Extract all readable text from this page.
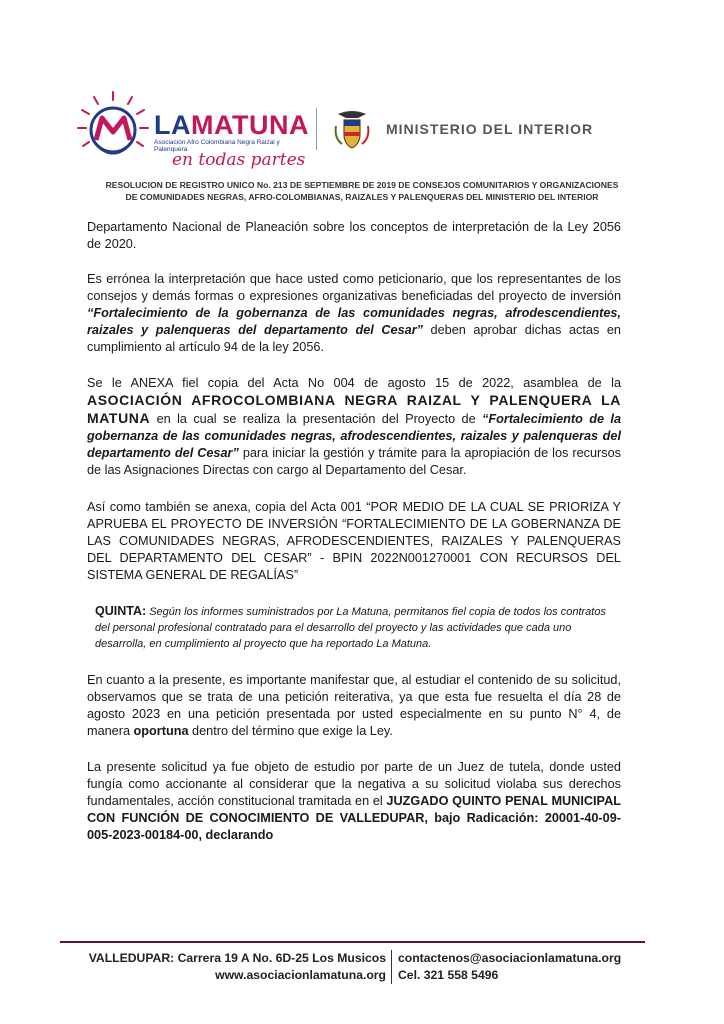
LAMATUNA
Asociación Afro Colombiana Negra Raizal y Palenquera
en todas partes
MINISTERIO DEL INTERIOR
RESOLUCION DE REGISTRO UNICO No. 213 DE SEPTIEMBRE DE 2019 DE CONSEJOS COMUNITARIOS Y ORGANIZACIONES
DE COMUNIDADES NEGRAS, AFRO-COLOMBIANAS, RAIZALES Y PALENQUERAS DEL MINISTERIO DEL INTERIOR

Departamento Nacional de Planeación sobre los conceptos de interpretación de la Ley 2056 de 2020.

Es errónea la interpretación que hace usted como peticionario, que los representantes de los consejos y demás formas o expresiones organizativas beneficiadas del proyecto de inversión “Fortalecimiento de la gobernanza de las comunidades negras, afrodescendientes, raizales y palenqueras del departamento del Cesar” deben aprobar dichas actas en cumplimiento al artículo 94 de la ley 2056.

Se le ANEXA fiel copia del Acta No 004 de agosto 15 de 2022, asamblea de la ASOCIACIÓN AFROCOLOMBIANA NEGRA RAIZAL Y PALENQUERA LA MATUNA en la cual se realiza la presentación del Proyecto de “Fortalecimiento de la gobernanza de las comunidades negras, afrodescendientes, raizales y palenqueras del departamento del Cesar” para iniciar la gestión y trámite para la apropiación de los recursos de las Asignaciones Directas con cargo al Departamento del Cesar.

Así como también se anexa, copia del Acta 001 “POR MEDIO DE LA CUAL SE PRIORIZA Y APRUEBA EL PROYECTO DE INVERSIÓN “FORTALECIMIENTO DE LA GOBERNANZA DE LAS COMUNIDADES NEGRAS, AFRODESCENDIENTES, RAIZALES Y PALENQUERAS DEL DEPARTAMENTO DEL CESAR” - BPIN 2022N001270001 CON RECURSOS DEL SISTEMA GENERAL DE REGALÍAS”

QUINTA: Según los informes suministrados por La Matuna, permitanos fiel copia de todos los contratos del personal profesional contratado para el desarrollo del proyecto y las actividades que cada uno desarrolla, en cumplimiento al proyecto que ha reportado La Matuna.

En cuanto a la presente, es importante manifestar que, al estudiar el contenido de su solicitud, observamos que se trata de una petición reiterativa, ya que esta fue resuelta el día 28 de agosto 2023 en una petición presentada por usted especialmente en su punto N° 4, de manera oportuna dentro del término que exige la Ley.

La presente solicitud ya fue objeto de estudio por parte de un Juez de tutela, donde usted fungía como accionante al considerar que la negativa a su solicitud violaba sus derechos fundamentales, acción constitucional tramitada en el JUZGADO QUINTO PENAL MUNICIPAL CON FUNCIÓN DE CONOCIMIENTO DE VALLEDUPAR, bajo Radicación: 20001-40-09-005-2023-00184-00, declarando

VALLEDUPAR: Carrera 19 A No. 6D-25 Los Musicos
www.asociacionlamatuna.org
contactenos@asociacionlamatuna.org
Cel. 321 558 5496
